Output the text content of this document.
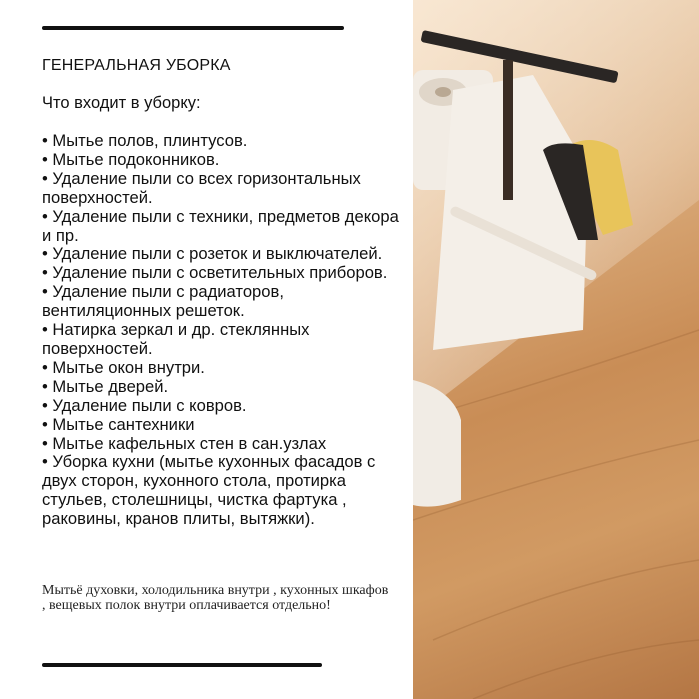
ГЕНЕРАЛЬНАЯ УБОРКА
Что входит в уборку:
• Мытье полов, плинтусов.
• Мытье подоконников.
• Удаление пыли со всех горизонтальных поверхностей.
• Удаление пыли с техники, предметов декора и пр.
• Удаление пыли с розеток и выключателей.
• Удаление пыли с осветительных приборов.
• Удаление пыли с радиаторов, вентиляционных решеток.
• Натирка зеркал и др. стеклянных поверхностей.
• Мытье окон внутри.
• Мытье дверей.
• Удаление пыли с ковров.
• Мытье сантехники
• Мытье кафельных стен в сан.узлах
• Уборка кухни (мытье кухонных фасадов с двух сторон, кухонного стола, протирка стульев, столешницы, чистка фартука , раковины, кранов плиты, вытяжки).
Мытьё духовки, холодильника внутри , кухонных шкафов , вещевых полок внутри оплачивается отдельно!
